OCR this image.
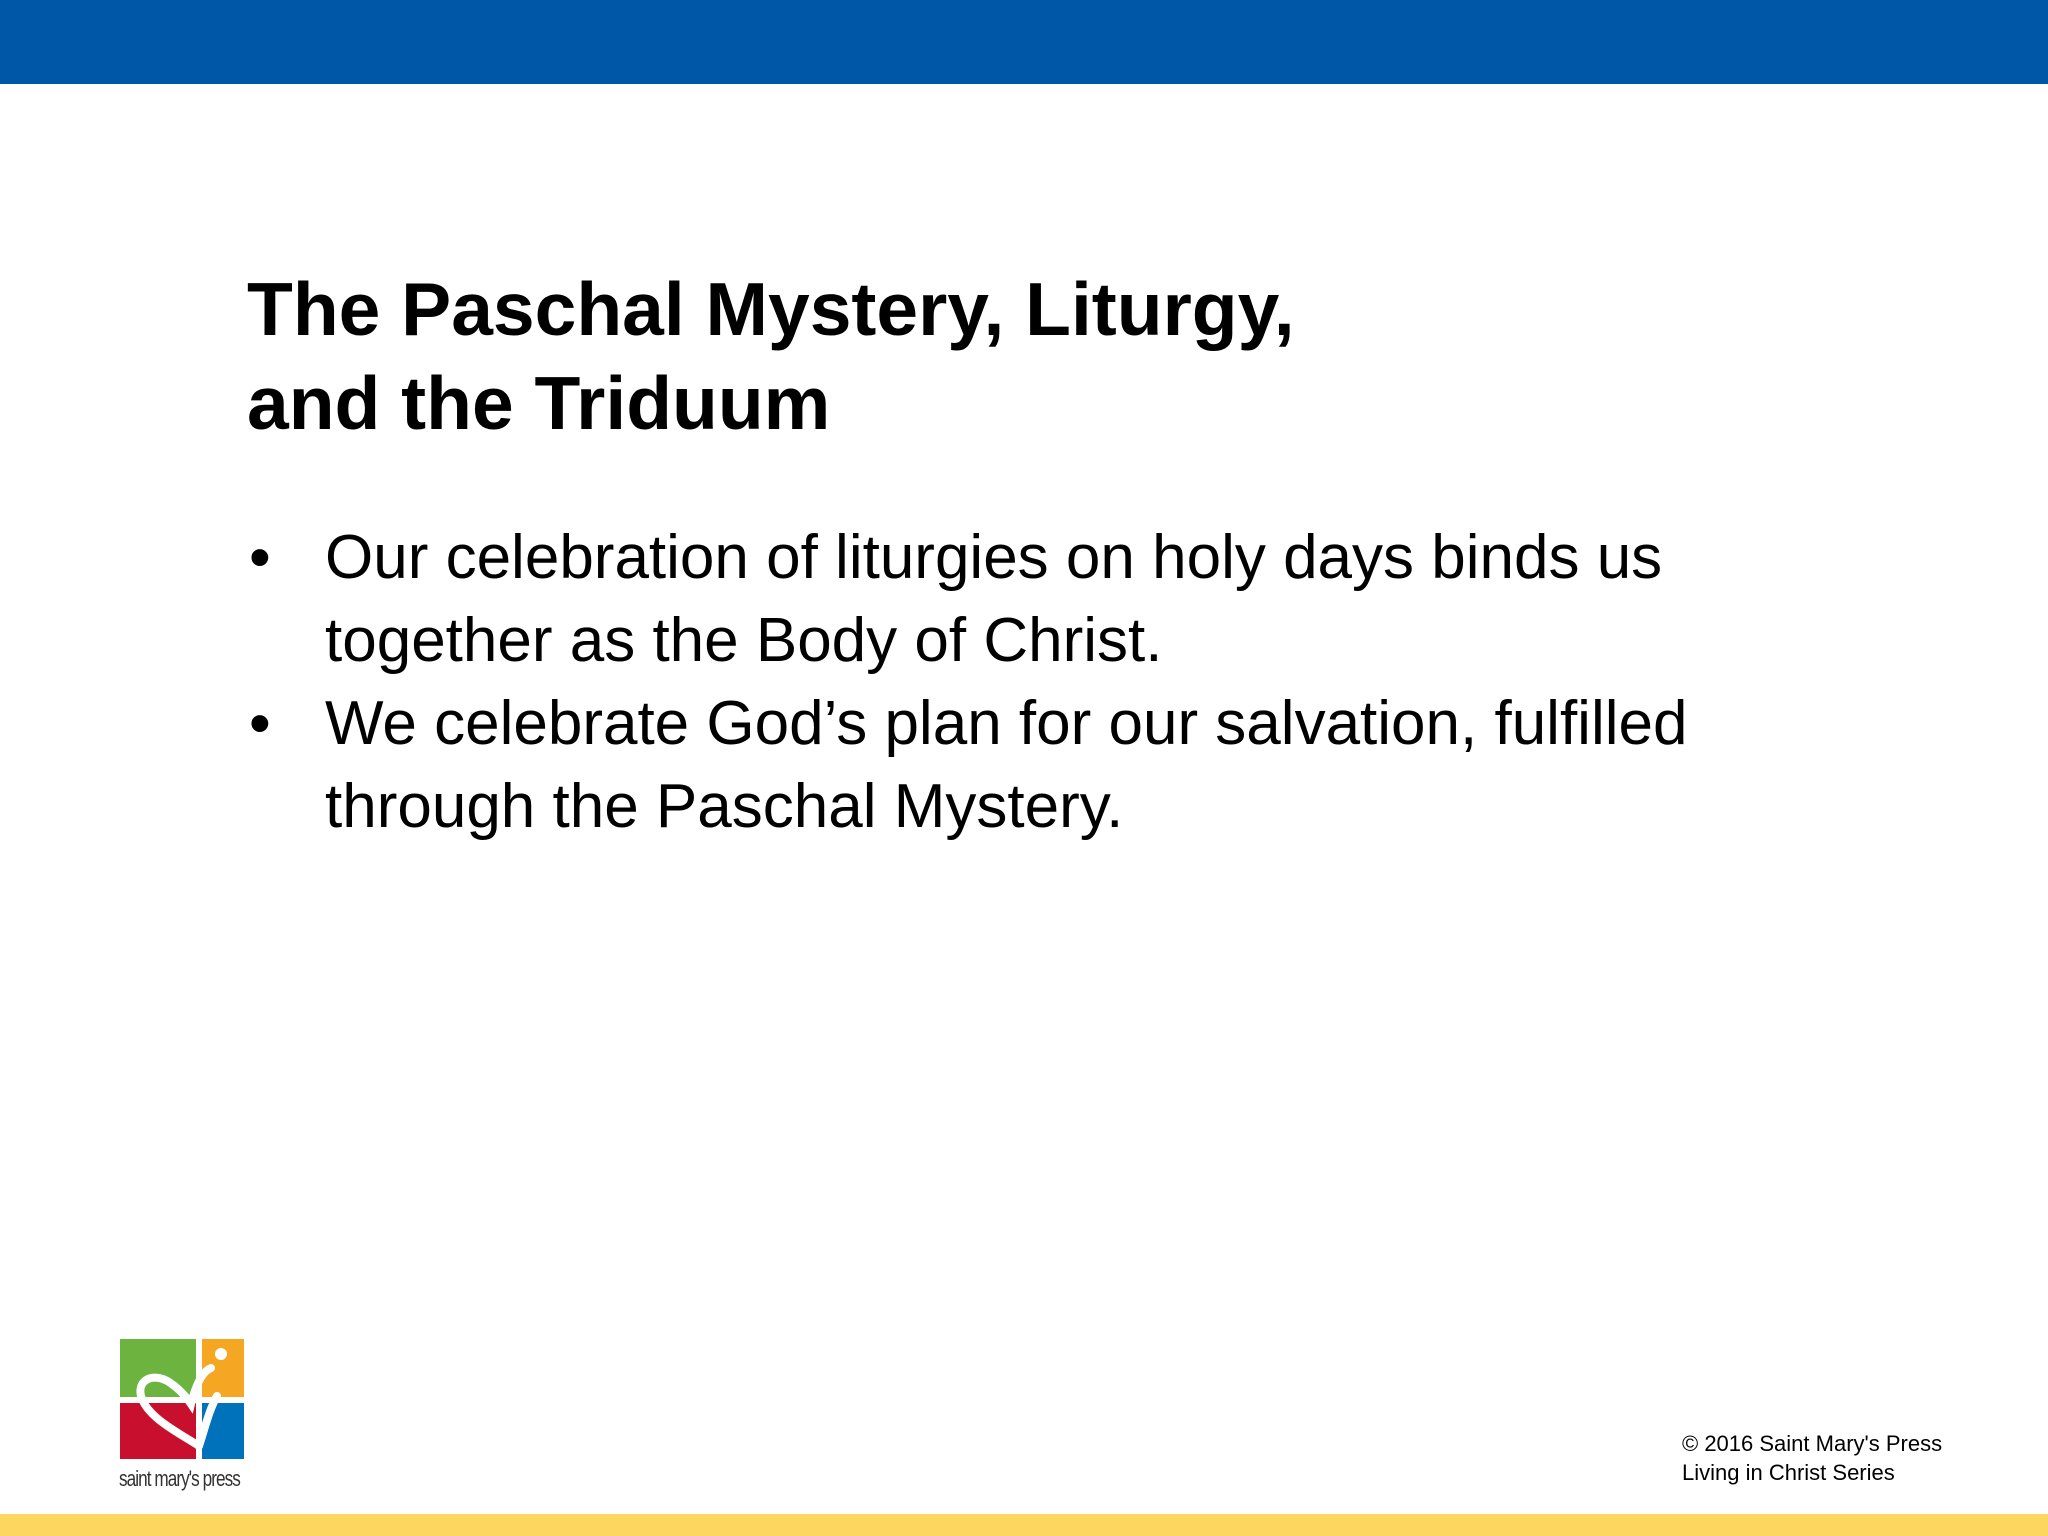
The Paschal Mystery, Liturgy,
and the Triduum
• Our celebration of liturgies on holy days binds us
together as the Body of Christ.
• We celebrate God’s plan for our salvation, fulfilled
through the Paschal Mystery.
saint mary's press
© 2016 Saint Mary's Press
Living in Christ Series
